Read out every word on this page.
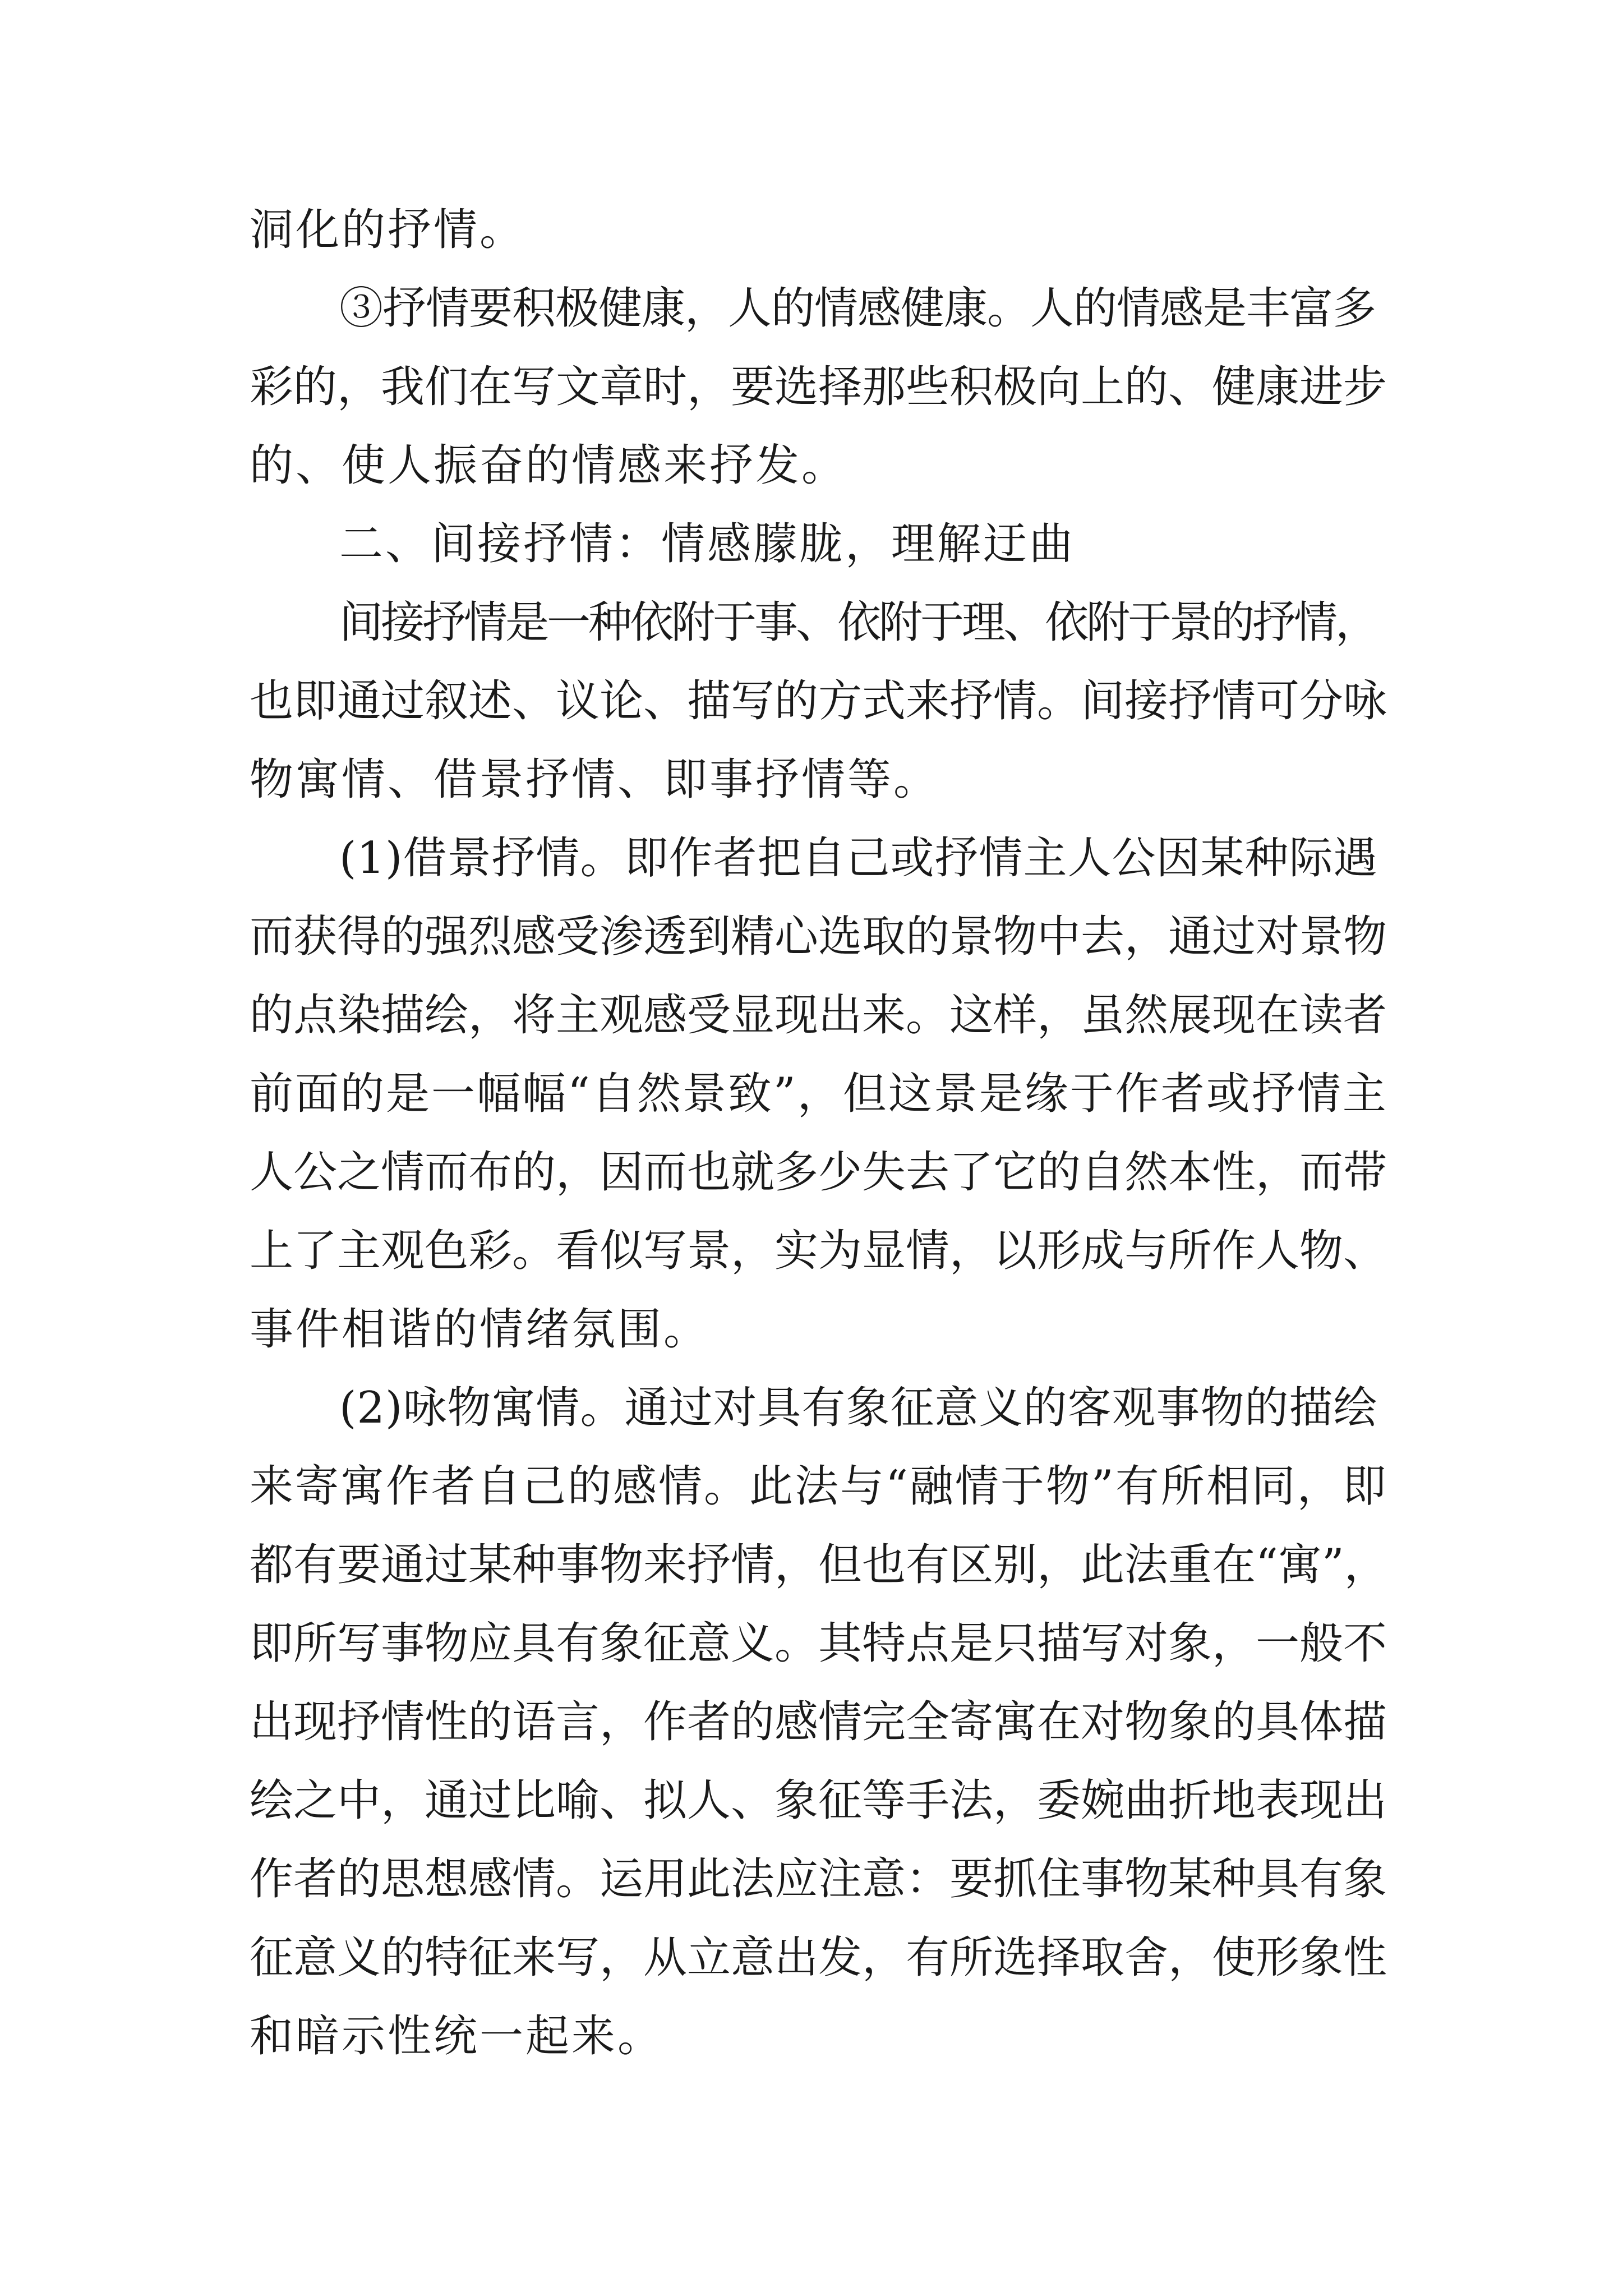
洞化的抒情。
③抒情要积极健康，人的情感健康。人的情感是丰富多
彩的，我们在写文章时，要选择那些积极向上的、健康进步
的、使人振奋的情感来抒发。
二、间接抒情：情感朦胧，理解迂曲
间接抒情是一种依附于事、依附于理、依附于景的抒情，
也即通过叙述、议论、描写的方式来抒情。间接抒情可分咏
物寓情、借景抒情、即事抒情等。
(1)借景抒情。即作者把自己或抒情主人公因某种际遇
而获得的强烈感受渗透到精心选取的景物中去，通过对景物
的点染描绘，将主观感受显现出来。这样，虽然展现在读者
前面的是一幅幅“自然景致”，但这景是缘于作者或抒情主
人公之情而布的，因而也就多少失去了它的自然本性，而带
上了主观色彩。看似写景，实为显情，以形成与所作人物、
事件相谐的情绪氛围。
(2)咏物寓情。通过对具有象征意义的客观事物的描绘
来寄寓作者自己的感情。此法与“融情于物”有所相同，即
都有要通过某种事物来抒情，但也有区别，此法重在“寓”，
即所写事物应具有象征意义。其特点是只描写对象，一般不
出现抒情性的语言，作者的感情完全寄寓在对物象的具体描
绘之中，通过比喻、拟人、象征等手法，委婉曲折地表现出
作者的思想感情。运用此法应注意：要抓住事物某种具有象
征意义的特征来写，从立意出发，有所选择取舍，使形象性
和暗示性统一起来。
